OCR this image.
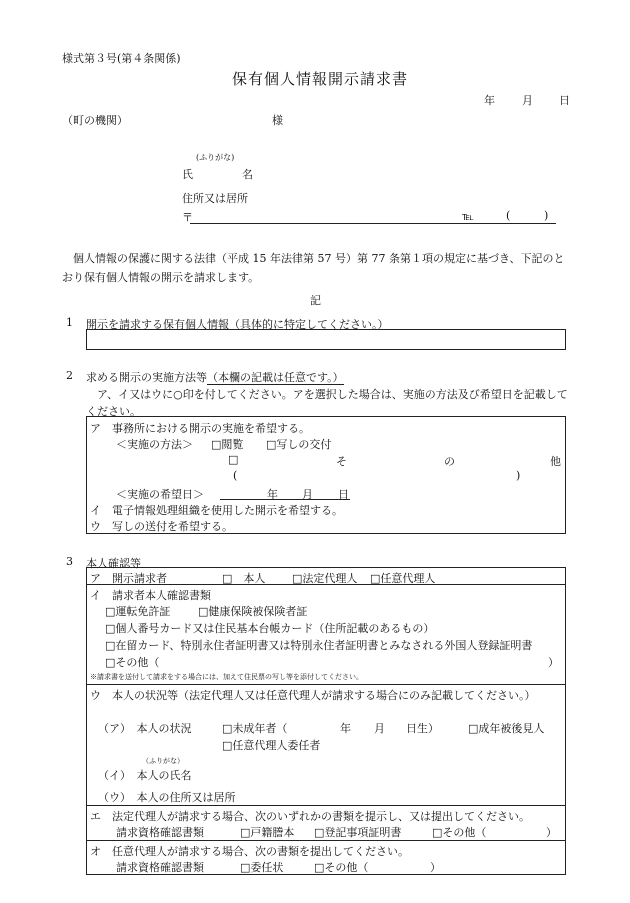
様式第３号(第４条関係)
保有個人情報開示請求書
年 月 日
（町の機関）	様
(ふりがな)
氏	名
住所又は居所
〒	℡	(	)
個人情報の保護に関する法律（平成 15 年法律第 57 号）第 77 条第１項の規定に基づき、下記のとおり保有個人情報の開示を請求します。
記
1 開示を請求する保有個人情報（具体的に特定してください。）
2 求める開示の実施方法等（本欄の記載は任意です。）
ア、イ又はウに○印を付してください。アを選択した場合は、実施の方法及び希望日を記載してください。
ア　事務所における開示の実施を希望する。
＜実施の方法＞ □閲覧 □写しの交付
□	そ	の	他
(	)
＜実施の希望日＞	年 月 日
イ　電子情報処理組織を使用した開示を希望する。
ウ　写しの送付を希望する。
3 本人確認等
ア　開示請求者	□　本人 □法定代理人 □任意代理人
イ　請求者本人確認書類
□運転免許証	□健康保険被保険者証
□個人番号カード又は住民基本台帳カード（住所記載のあるもの）
□在留カード、特別永住者証明書又は特別永住者証明書とみなされる外国人登録証明書
□その他（	）
※請求書を送付して請求をする場合には、加えて住民票の写し等を添付してください。
ウ　本人の状況等（法定代理人又は任意代理人が請求する場合にのみ記載してください。）
（ア）　本人の状況	□未成年者（	年 月 日生）	□成年被後見人
□任意代理人委任者
（ふりがな）
（イ）　本人の氏名
（ウ）　本人の住所又は居所
エ　法定代理人が請求する場合、次のいずれかの書類を提示し、又は提出してください。
請求資格確認書類	□戸籍謄本 □登記事項証明書	□その他（	）
オ　任意代理人が請求する場合、次の書類を提出してください。
請求資格確認書類	□委任状	□その他（	）
